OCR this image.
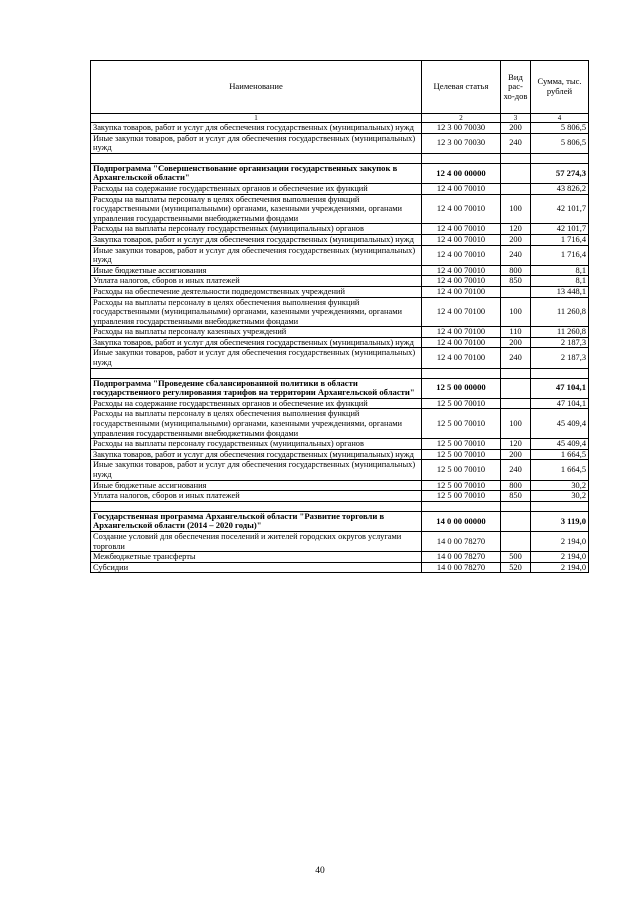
Наименование	Целевая статья	Вид рас-хо-дов	Сумма, тыс. рублей
1	2	3	4
Закупка товаров, работ и услуг для обеспечения государственных (муниципальных) нужд	12 3 00 70030	200	5 806,5
Иные закупки товаров, работ и услуг для обеспечения государственных (муниципальных) нужд	12 3 00 70030	240	5 806,5

Подпрограмма "Совершенствование организации государственных закупок в Архангельской области"	12 4 00 00000		57 274,3
Расходы на содержание государственных органов и обеспечение их функций	12 4 00 70010		43 826,2
Расходы на выплаты персоналу в целях обеспечения выполнения функций государственными (муниципальными) органами, казенными учреждениями, органами управления государственными внебюджетными фондами	12 4 00 70010	100	42 101,7
Расходы на выплаты персоналу государственных (муниципальных) органов	12 4 00 70010	120	42 101,7
Закупка товаров, работ и услуг для обеспечения государственных (муниципальных) нужд	12 4 00 70010	200	1 716,4
Иные закупки товаров, работ и услуг для обеспечения государственных (муниципальных) нужд	12 4 00 70010	240	1 716,4
Иные бюджетные ассигнования	12 4 00 70010	800	8,1
Уплата налогов, сборов и иных платежей	12 4 00 70010	850	8,1
Расходы на обеспечение деятельности подведомственных учреждений	12 4 00 70100		13 448,1
Расходы на выплаты персоналу в целях обеспечения выполнения функций государственными (муниципальными) органами, казенными учреждениями, органами управления государственными внебюджетными фондами	12 4 00 70100	100	11 260,8
Расходы на выплаты персоналу казенных учреждений	12 4 00 70100	110	11 260,8
Закупка товаров, работ и услуг для обеспечения государственных (муниципальных) нужд	12 4 00 70100	200	2 187,3
Иные закупки товаров, работ и услуг для обеспечения государственных (муниципальных) нужд	12 4 00 70100	240	2 187,3

Подпрограмма "Проведение сбалансированной политики в области государственного регулирования тарифов на территории Архангельской области"	12 5 00 00000		47 104,1
Расходы на содержание государственных органов и обеспечение их функций	12 5 00 70010		47 104,1
Расходы на выплаты персоналу в целях обеспечения выполнения функций государственными (муниципальными) органами, казенными учреждениями, органами управления государственными внебюджетными фондами	12 5 00 70010	100	45 409,4
Расходы на выплаты персоналу государственных (муниципальных) органов	12 5 00 70010	120	45 409,4
Закупка товаров, работ и услуг для обеспечения государственных (муниципальных) нужд	12 5 00 70010	200	1 664,5
Иные закупки товаров, работ и услуг для обеспечения государственных (муниципальных) нужд	12 5 00 70010	240	1 664,5
Иные бюджетные ассигнования	12 5 00 70010	800	30,2
Уплата налогов, сборов и иных платежей	12 5 00 70010	850	30,2

Государственная программа Архангельской области "Развитие торговли в Архангельской области (2014 – 2020 годы)"	14 0 00 00000		3 119,0
Создание условий для обеспечения поселений и жителей городских округов услугами торговли	14 0 00 78270		2 194,0
Межбюджетные трансферты	14 0 00 78270	500	2 194,0
Субсидии	14 0 00 78270	520	2 194,0
40
